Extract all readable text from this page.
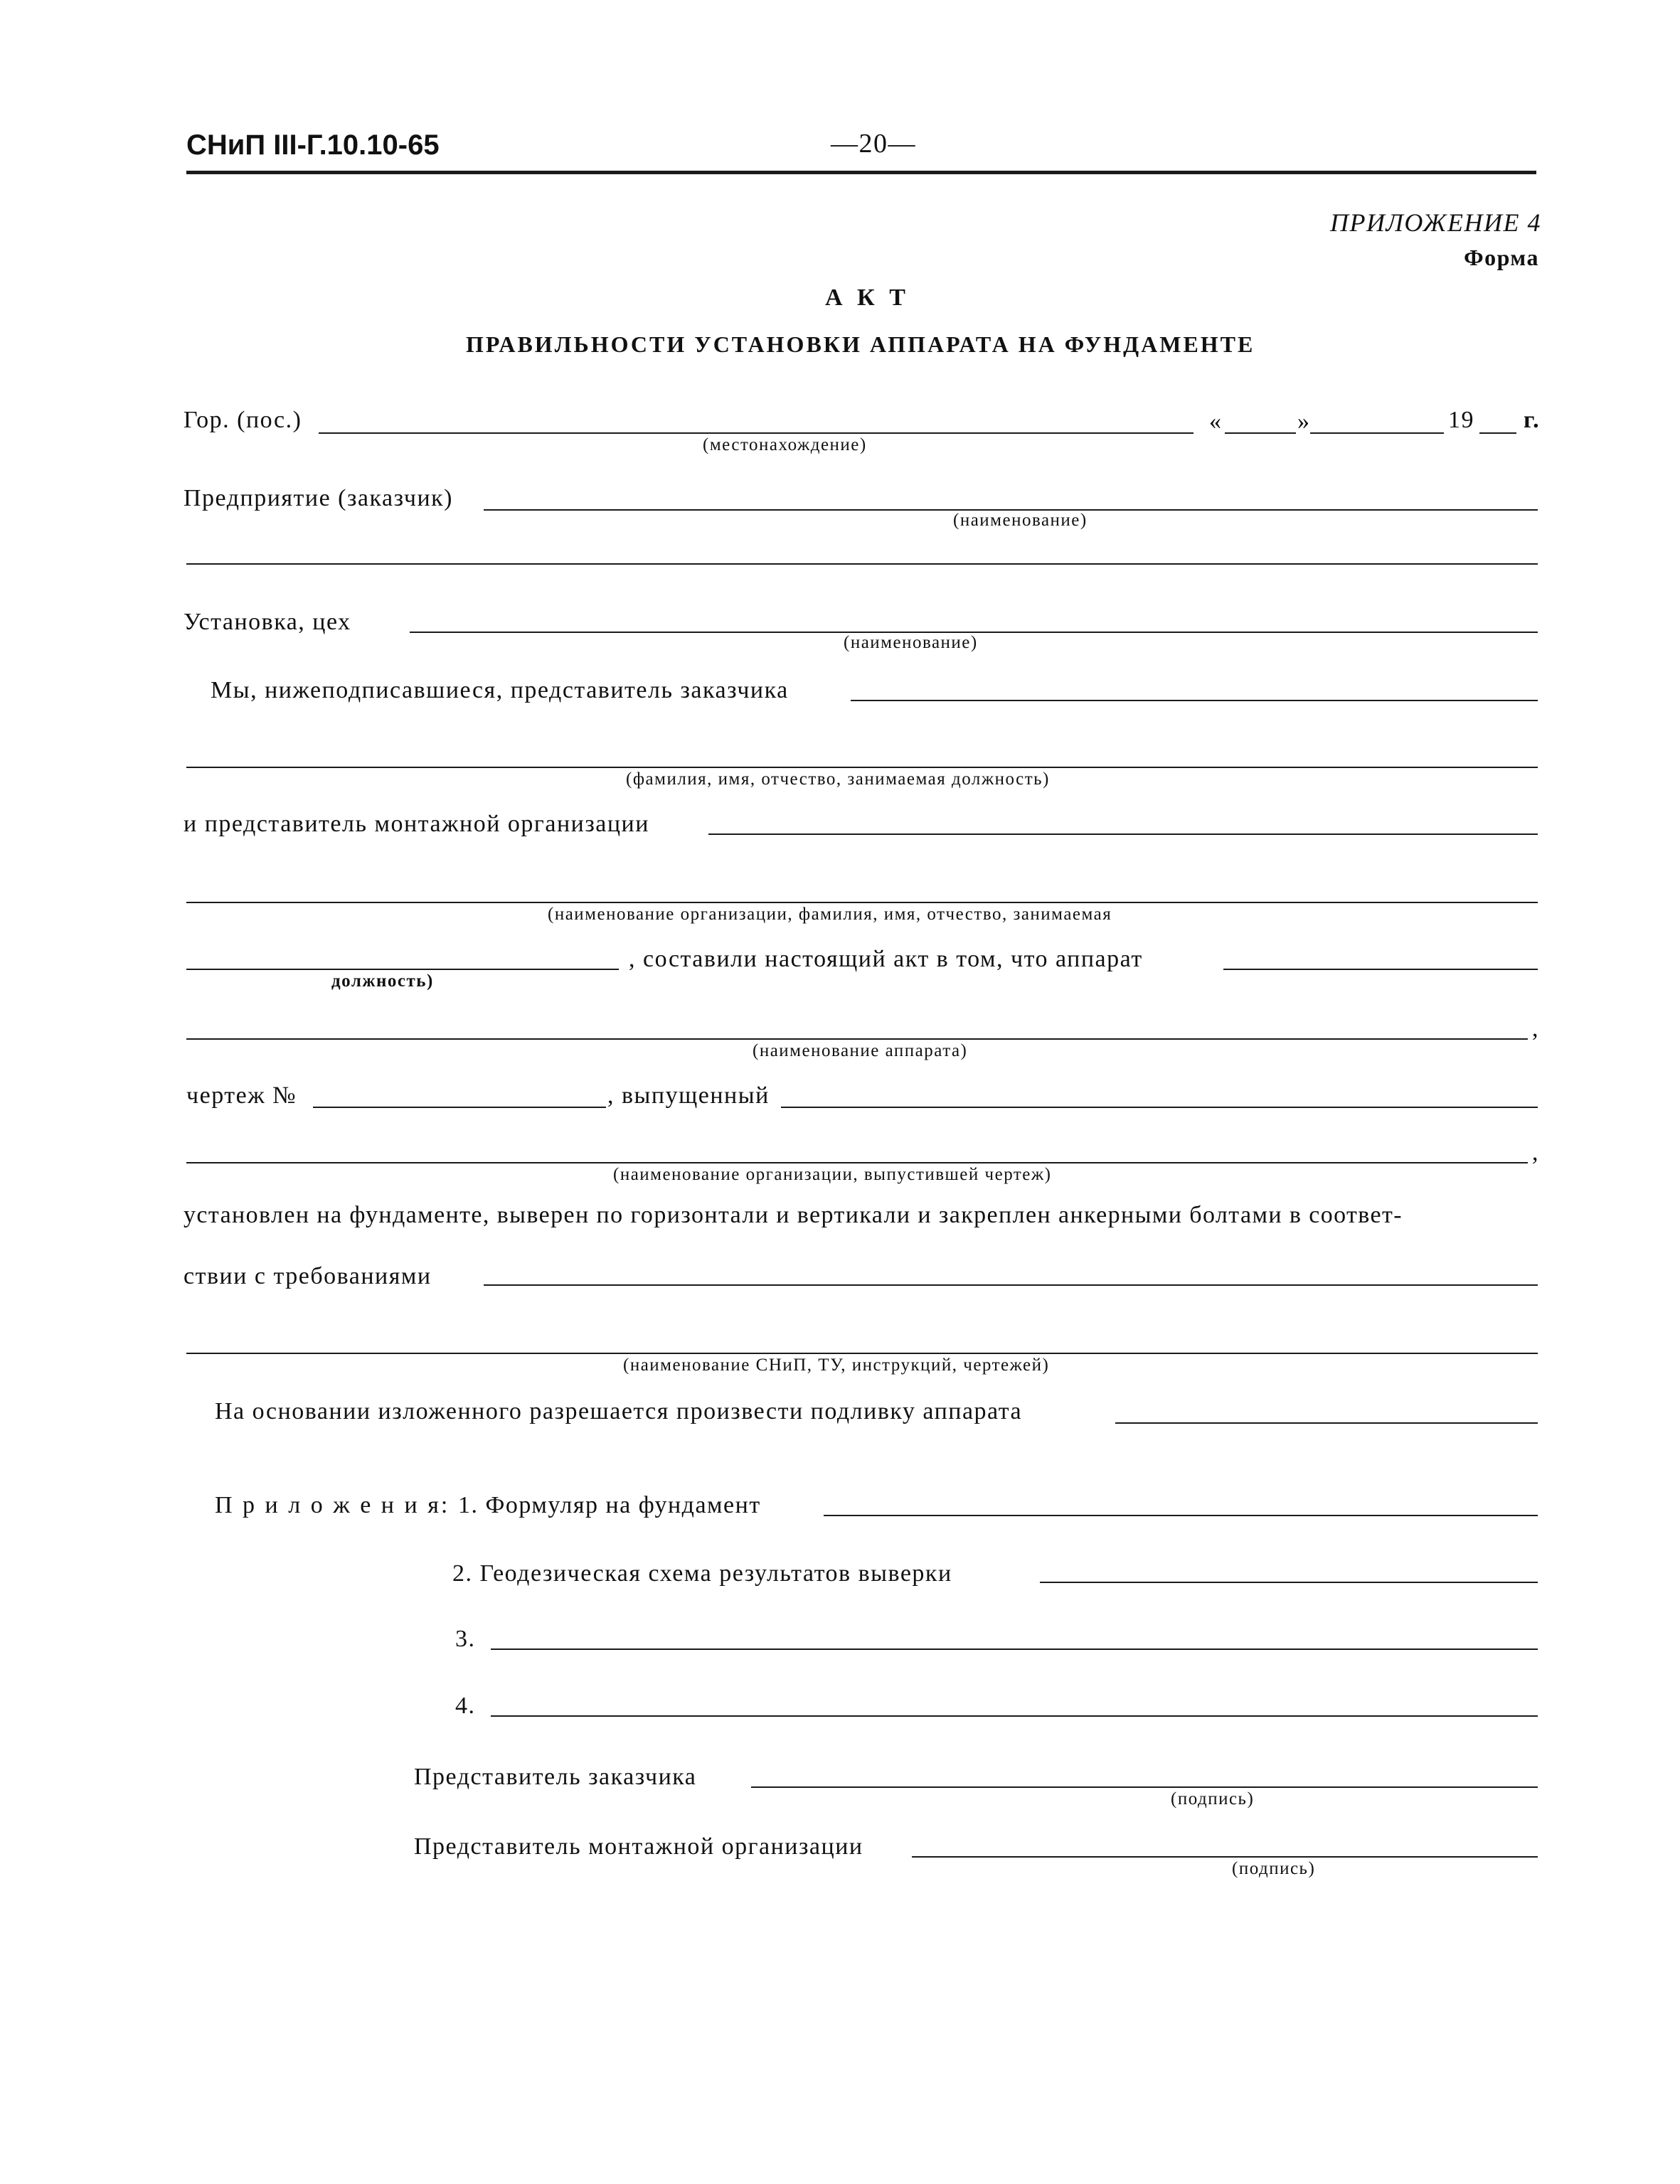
СНиП III-Г.10.10-65	—20—
ПРИЛОЖЕНИЕ 4
Форма
А К Т
ПРАВИЛЬНОСТИ УСТАНОВКИ АППАРАТА НА ФУНДАМЕНТЕ
Гор. (пос.)
(местонахождение)
«	»	19 г.
Предприятие (заказчик)
(наименование)
Установка, цех
(наименование)
Мы, нижеподписавшиеся, представитель заказчика
(фамилия, имя, отчество, занимаемая должность)
и представитель монтажной организации
(наименование организации, фамилия, имя, отчество, занимаемая
должность)
, составили настоящий акт в том, что аппарат
,
(наименование аппарата)
чертеж №	, выпущенный
,
(наименование организации, выпустившей чертеж)
установлен на фундаменте, выверен по горизонтали и вертикали и закреплен анкерными болтами в соответ-
ствии с требованиями
(наименование СНиП, ТУ, инструкций, чертежей)
На основании изложенного разрешается произвести подливку аппарата
П р и л о ж е н и я: 1. Формуляр на фундамент
2. Геодезическая схема результатов выверки
3.
4.
Представитель заказчика
(подпись)
Представитель монтажной организации
(подпись)
